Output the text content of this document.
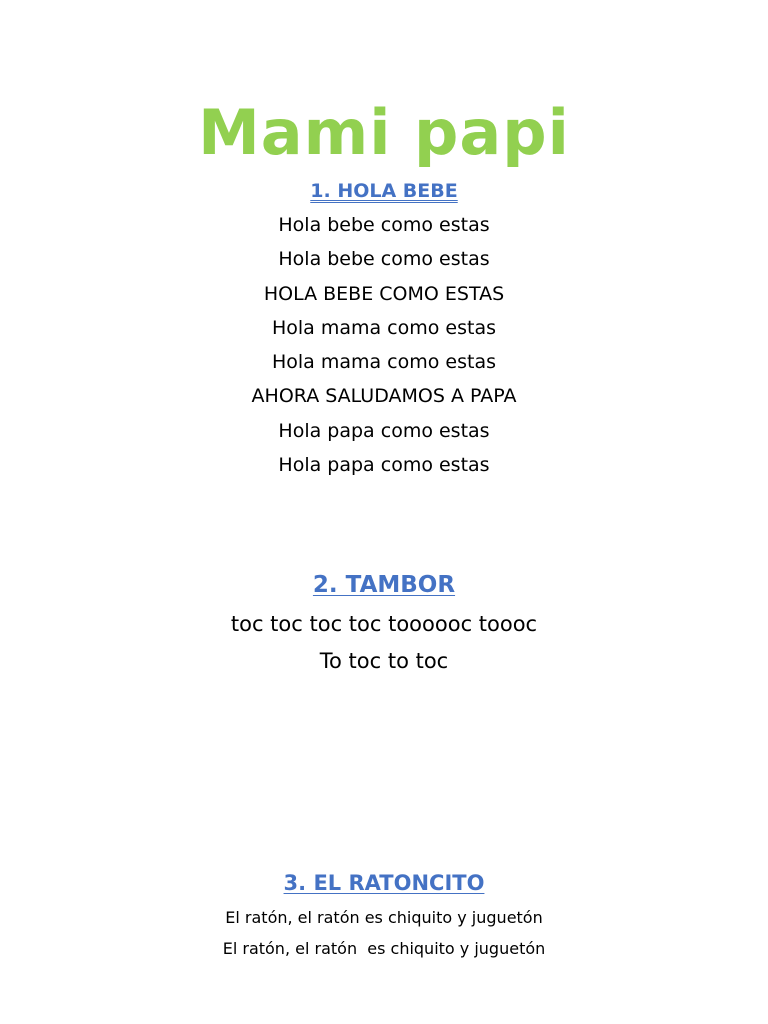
Mami papi
1. HOLA BEBE
Hola bebe como estas
Hola bebe como estas
HOLA BEBE COMO ESTAS
Hola mama como estas
Hola mama como estas
AHORA SALUDAMOS A PAPA
Hola papa como estas
Hola papa como estas
2. TAMBOR
toc toc toc toc toooooc toooc
To toc to toc
3. EL RATONCITO
El ratón, el ratón es chiquito y juguetón
El ratón, el ratón  es chiquito y juguetón
